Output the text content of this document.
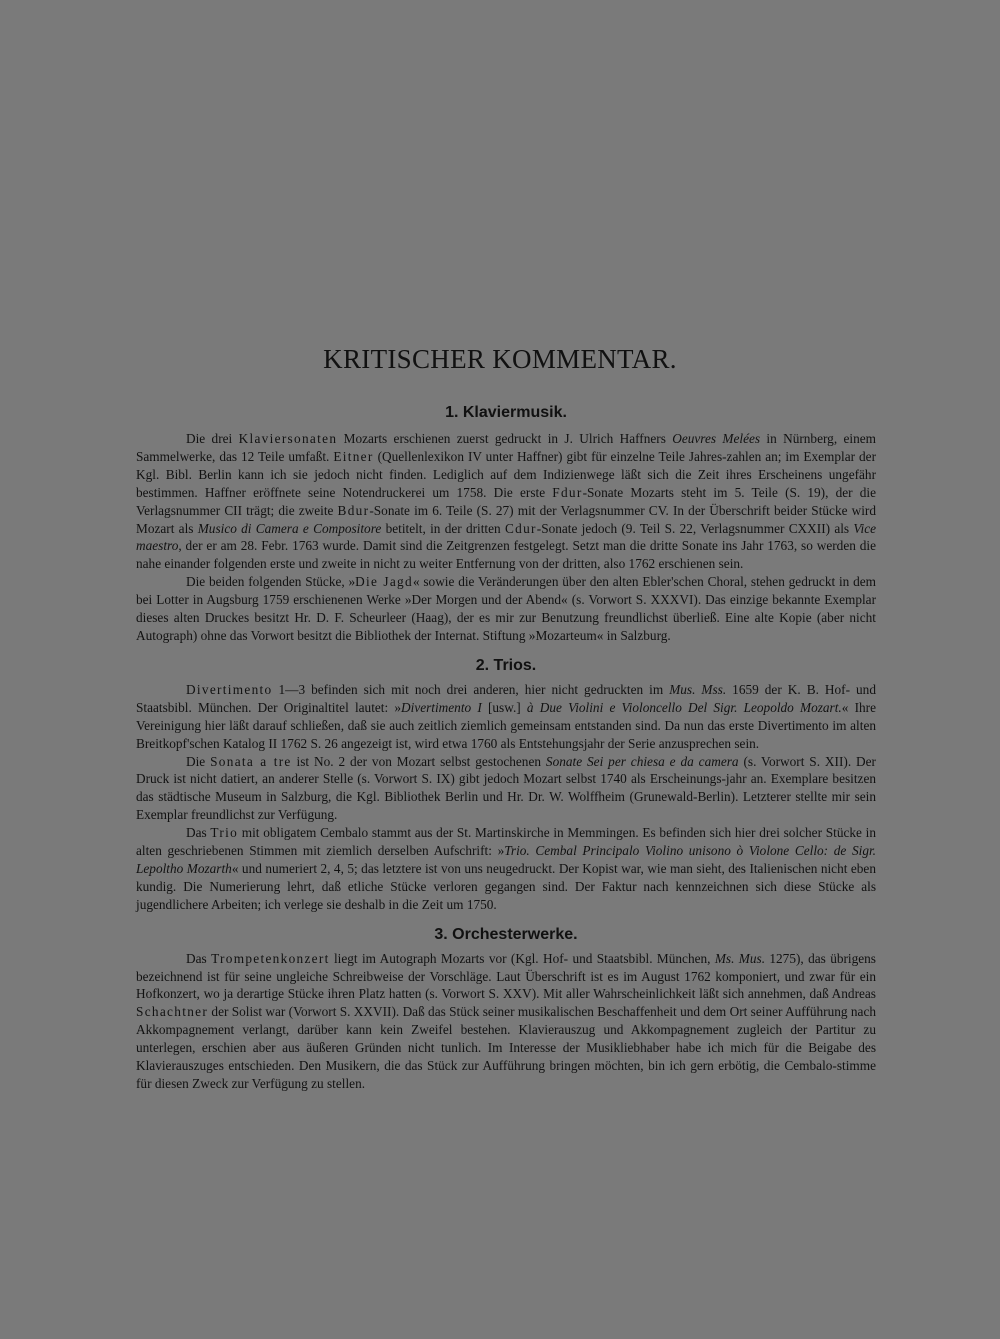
KRITISCHER KOMMENTAR.
1. Klaviermusik.

Die drei Klaviersonaten Mozarts erschienen zuerst gedruckt in J. Ulrich Haffners Oeuvres Melées in Nürnberg, einem Sammelwerke, das 12 Teile umfaßt. Eitner (Quellenlexikon IV unter Haffner) gibt für einzelne Teile Jahres-zahlen an; im Exemplar der Kgl. Bibl. Berlin kann ich sie jedoch nicht finden. Lediglich auf dem Indizienwege läßt sich die Zeit ihres Erscheinens ungefähr bestimmen. Haffner eröffnete seine Notendruckerei um 1758. Die erste Fdur-Sonate Mozarts steht im 5. Teile (S. 19), der die Verlagsnummer CII trägt; die zweite Bdur-Sonate im 6. Teile (S. 27) mit der Verlagsnummer CV. In der Überschrift beider Stücke wird Mozart als Musico di Camera e Compositore betitelt, in der dritten Cdur-Sonate jedoch (9. Teil S. 22, Verlagsnummer CXXII) als Vice maestro, der er am 28. Febr. 1763 wurde. Damit sind die Zeitgrenzen festgelegt. Setzt man die dritte Sonate ins Jahr 1763, so werden die nahe einander folgenden erste und zweite in nicht zu weiter Entfernung von der dritten, also 1762 erschienen sein.

Die beiden folgenden Stücke, »Die Jagd« sowie die Veränderungen über den alten Ebler'schen Choral, stehen gedruckt in dem bei Lotter in Augsburg 1759 erschienenen Werke »Der Morgen und der Abend« (s. Vorwort S. XXXVI). Das einzige bekannte Exemplar dieses alten Druckes besitzt Hr. D. F. Scheurleer (Haag), der es mir zur Benutzung freundlichst überließ. Eine alte Kopie (aber nicht Autograph) ohne das Vorwort besitzt die Bibliothek der Internat. Stiftung »Mozarteum« in Salzburg.

2. Trios.

Divertimento 1—3 befinden sich mit noch drei anderen, hier nicht gedruckten im Mus. Mss. 1659 der K. B. Hof- und Staatsbibl. München. Der Originaltitel lautet: »Divertimento I [usw.] à Due Violini e Violoncello Del Sigr. Leopoldo Mozart.« Ihre Vereinigung hier läßt darauf schließen, daß sie auch zeitlich ziemlich gemeinsam entstanden sind. Da nun das erste Divertimento im alten Breitkopf'schen Katalog II 1762 S. 26 angezeigt ist, wird etwa 1760 als Entstehungsjahr der Serie anzusprechen sein.

Die Sonata a tre ist No. 2 der von Mozart selbst gestochenen Sonate Sei per chiesa e da camera (s. Vorwort S. XII). Der Druck ist nicht datiert, an anderer Stelle (s. Vorwort S. IX) gibt jedoch Mozart selbst 1740 als Erscheinungs-jahr an. Exemplare besitzen das städtische Museum in Salzburg, die Kgl. Bibliothek Berlin und Hr. Dr. W. Wolffheim (Grunewald-Berlin). Letzterer stellte mir sein Exemplar freundlichst zur Verfügung.

Das Trio mit obligatem Cembalo stammt aus der St. Martinskirche in Memmingen. Es befinden sich hier drei solcher Stücke in alten geschriebenen Stimmen mit ziemlich derselben Aufschrift: »Trio. Cembal Principalo Violino unisono ò Violone Cello: de Sigr. Lepoltho Mozarth« und numeriert 2, 4, 5; das letztere ist von uns neugedruckt. Der Kopist war, wie man sieht, des Italienischen nicht eben kundig. Die Numerierung lehrt, daß etliche Stücke verloren gegangen sind. Der Faktur nach kennzeichnen sich diese Stücke als jugendlichere Arbeiten; ich verlege sie deshalb in die Zeit um 1750.

3. Orchesterwerke.

Das Trompetenkonzert liegt im Autograph Mozarts vor (Kgl. Hof- und Staatsbibl. München, Ms. Mus. 1275), das übrigens bezeichnend ist für seine ungleiche Schreibweise der Vorschläge. Laut Überschrift ist es im August 1762 komponiert, und zwar für ein Hofkonzert, wo ja derartige Stücke ihren Platz hatten (s. Vorwort S. XXV). Mit aller Wahrscheinlichkeit läßt sich annehmen, daß Andreas Schachtner der Solist war (Vorwort S. XXVII). Daß das Stück seiner musikalischen Beschaffenheit und dem Ort seiner Aufführung nach Akkompagnement verlangt, darüber kann kein Zweifel bestehen. Klavierauszug und Akkompagnement zugleich der Partitur zu unterlegen, erschien aber aus äußeren Gründen nicht tunlich. Im Interesse der Musikliebhaber habe ich mich für die Beigabe des Klavierauszuges entschieden. Den Musikern, die das Stück zur Aufführung bringen möchten, bin ich gern erbötig, die Cembalo-stimme für diesen Zweck zur Verfügung zu stellen.
